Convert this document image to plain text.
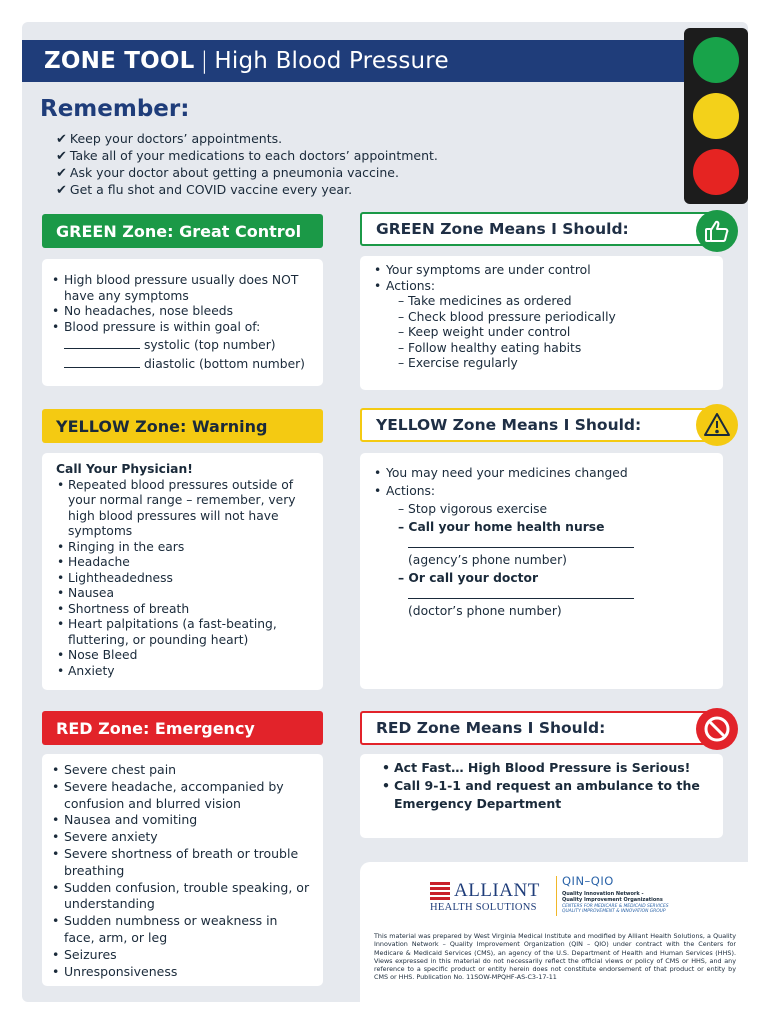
ZONE TOOL | High Blood Pressure
Remember:
✔ Keep your doctors’ appointments.
✔ Take all of your medications to each doctors’ appointment.
✔ Ask your doctor about getting a pneumonia vaccine.
✔ Get a flu shot and COVID vaccine every year.
GREEN Zone: Great Control	GREEN Zone Means I Should:
• High blood pressure usually does NOT have any symptoms
• No headaches, nose bleeds
• Blood pressure is within goal of:
systolic (top number)
diastolic (bottom number)
• Your symptoms are under control
• Actions:
– Take medicines as ordered
– Check blood pressure periodically
– Keep weight under control
– Follow healthy eating habits
– Exercise regularly
YELLOW Zone: Warning	YELLOW Zone Means I Should:
Call Your Physician!
• Repeated blood pressures outside of your normal range – remember, very high blood pressures will not have symptoms
• Ringing in the ears
• Headache
• Lightheadedness
• Nausea
• Shortness of breath
• Heart palpitations (a fast-beating, fluttering, or pounding heart)
• Nose Bleed
• Anxiety
• You may need your medicines changed
• Actions:
– Stop vigorous exercise
– Call your home health nurse
(agency’s phone number)
– Or call your doctor
(doctor’s phone number)
RED Zone: Emergency	RED Zone Means I Should:
• Severe chest pain
• Severe headache, accompanied by confusion and blurred vision
• Nausea and vomiting
• Severe anxiety
• Severe shortness of breath or trouble breathing
• Sudden confusion, trouble speaking, or understanding
• Sudden numbness or weakness in face, arm, or leg
• Seizures
• Unresponsiveness
• Act Fast… High Blood Pressure is Serious!
• Call 9-1-1 and request an ambulance to the Emergency Department
ALLIANT
HEALTH SOLUTIONS
QIN–QIO
Quality Innovation Network -
Quality Improvement Organizations
CENTERS FOR MEDICARE & MEDICAID SERVICES
QUALITY IMPROVEMENT & INNOVATION GROUP
This material was prepared by West Virginia Medical Institute and modified by Alliant Health Solutions, a Quality Innovation Network – Quality Improvement Organization (QIN – QIO) under contract with the Centers for Medicare & Medicaid Services (CMS), an agency of the U.S. Department of Health and Human Services (HHS). Views expressed in this material do not necessarily reflect the official views or policy of CMS or HHS, and any reference to a specific product or entity herein does not constitute endorsement of that product or entity by CMS or HHS. Publication No. 11SOW-MPQHF-AS-C3-17-11
